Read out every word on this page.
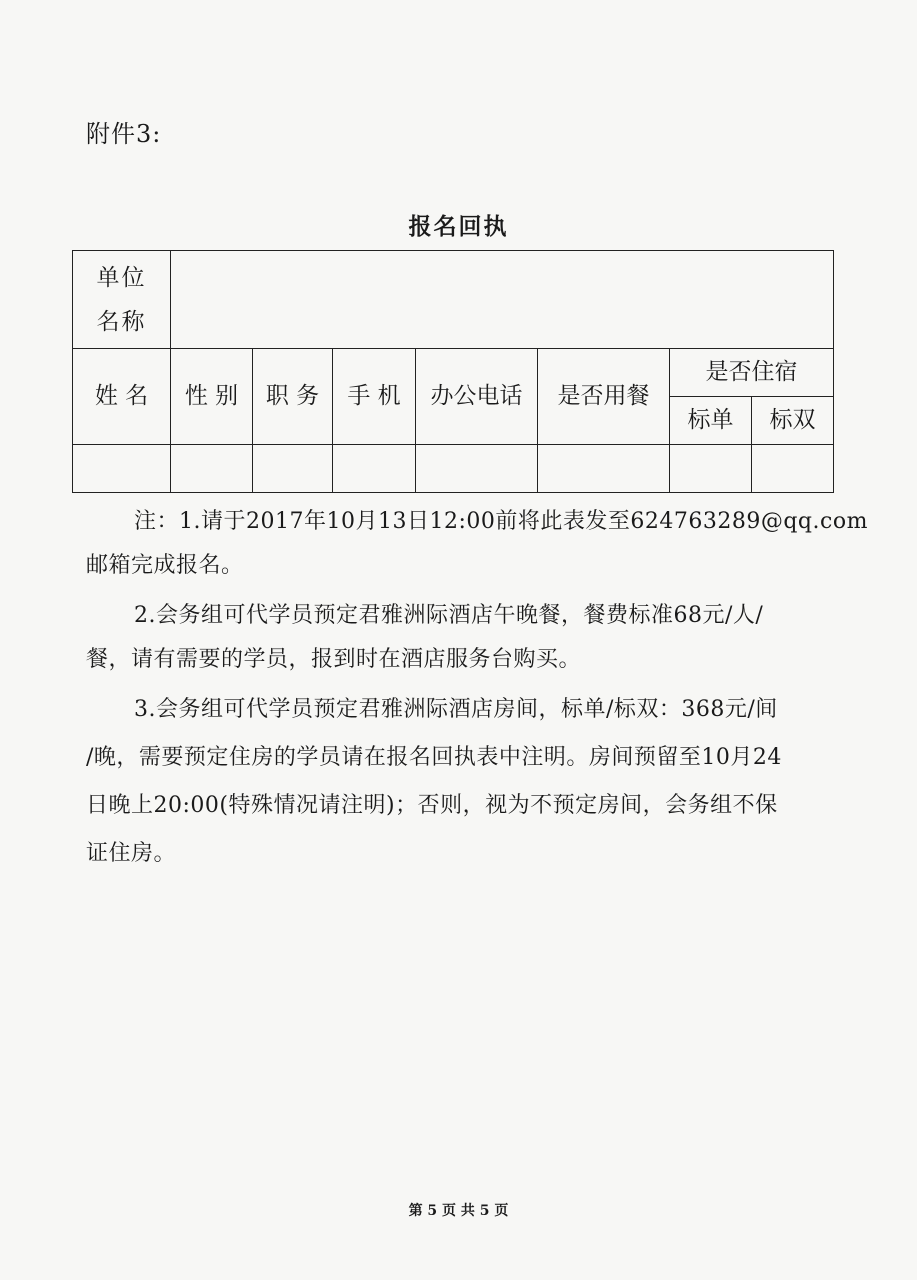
附件3:
报名回执
单位
名称							

姓 名	性 别	职 务	手 机	办公电话	是否用餐	是否住宿	
						标单	标双

注：1.请于2017年10月13日12:00前将此表发至624763289@qq.com

邮箱完成报名。

2.会务组可代学员预定君雅洲际酒店午晚餐，餐费标准68元/人/

餐，请有需要的学员，报到时在酒店服务台购买。

3.会务组可代学员预定君雅洲际酒店房间，标单/标双：368元/间

/晚，需要预定住房的学员请在报名回执表中注明。房间预留至10月24

日晚上20:00(特殊情况请注明)；否则，视为不预定房间，会务组不保

证住房。

第 5 页 共 5 页
